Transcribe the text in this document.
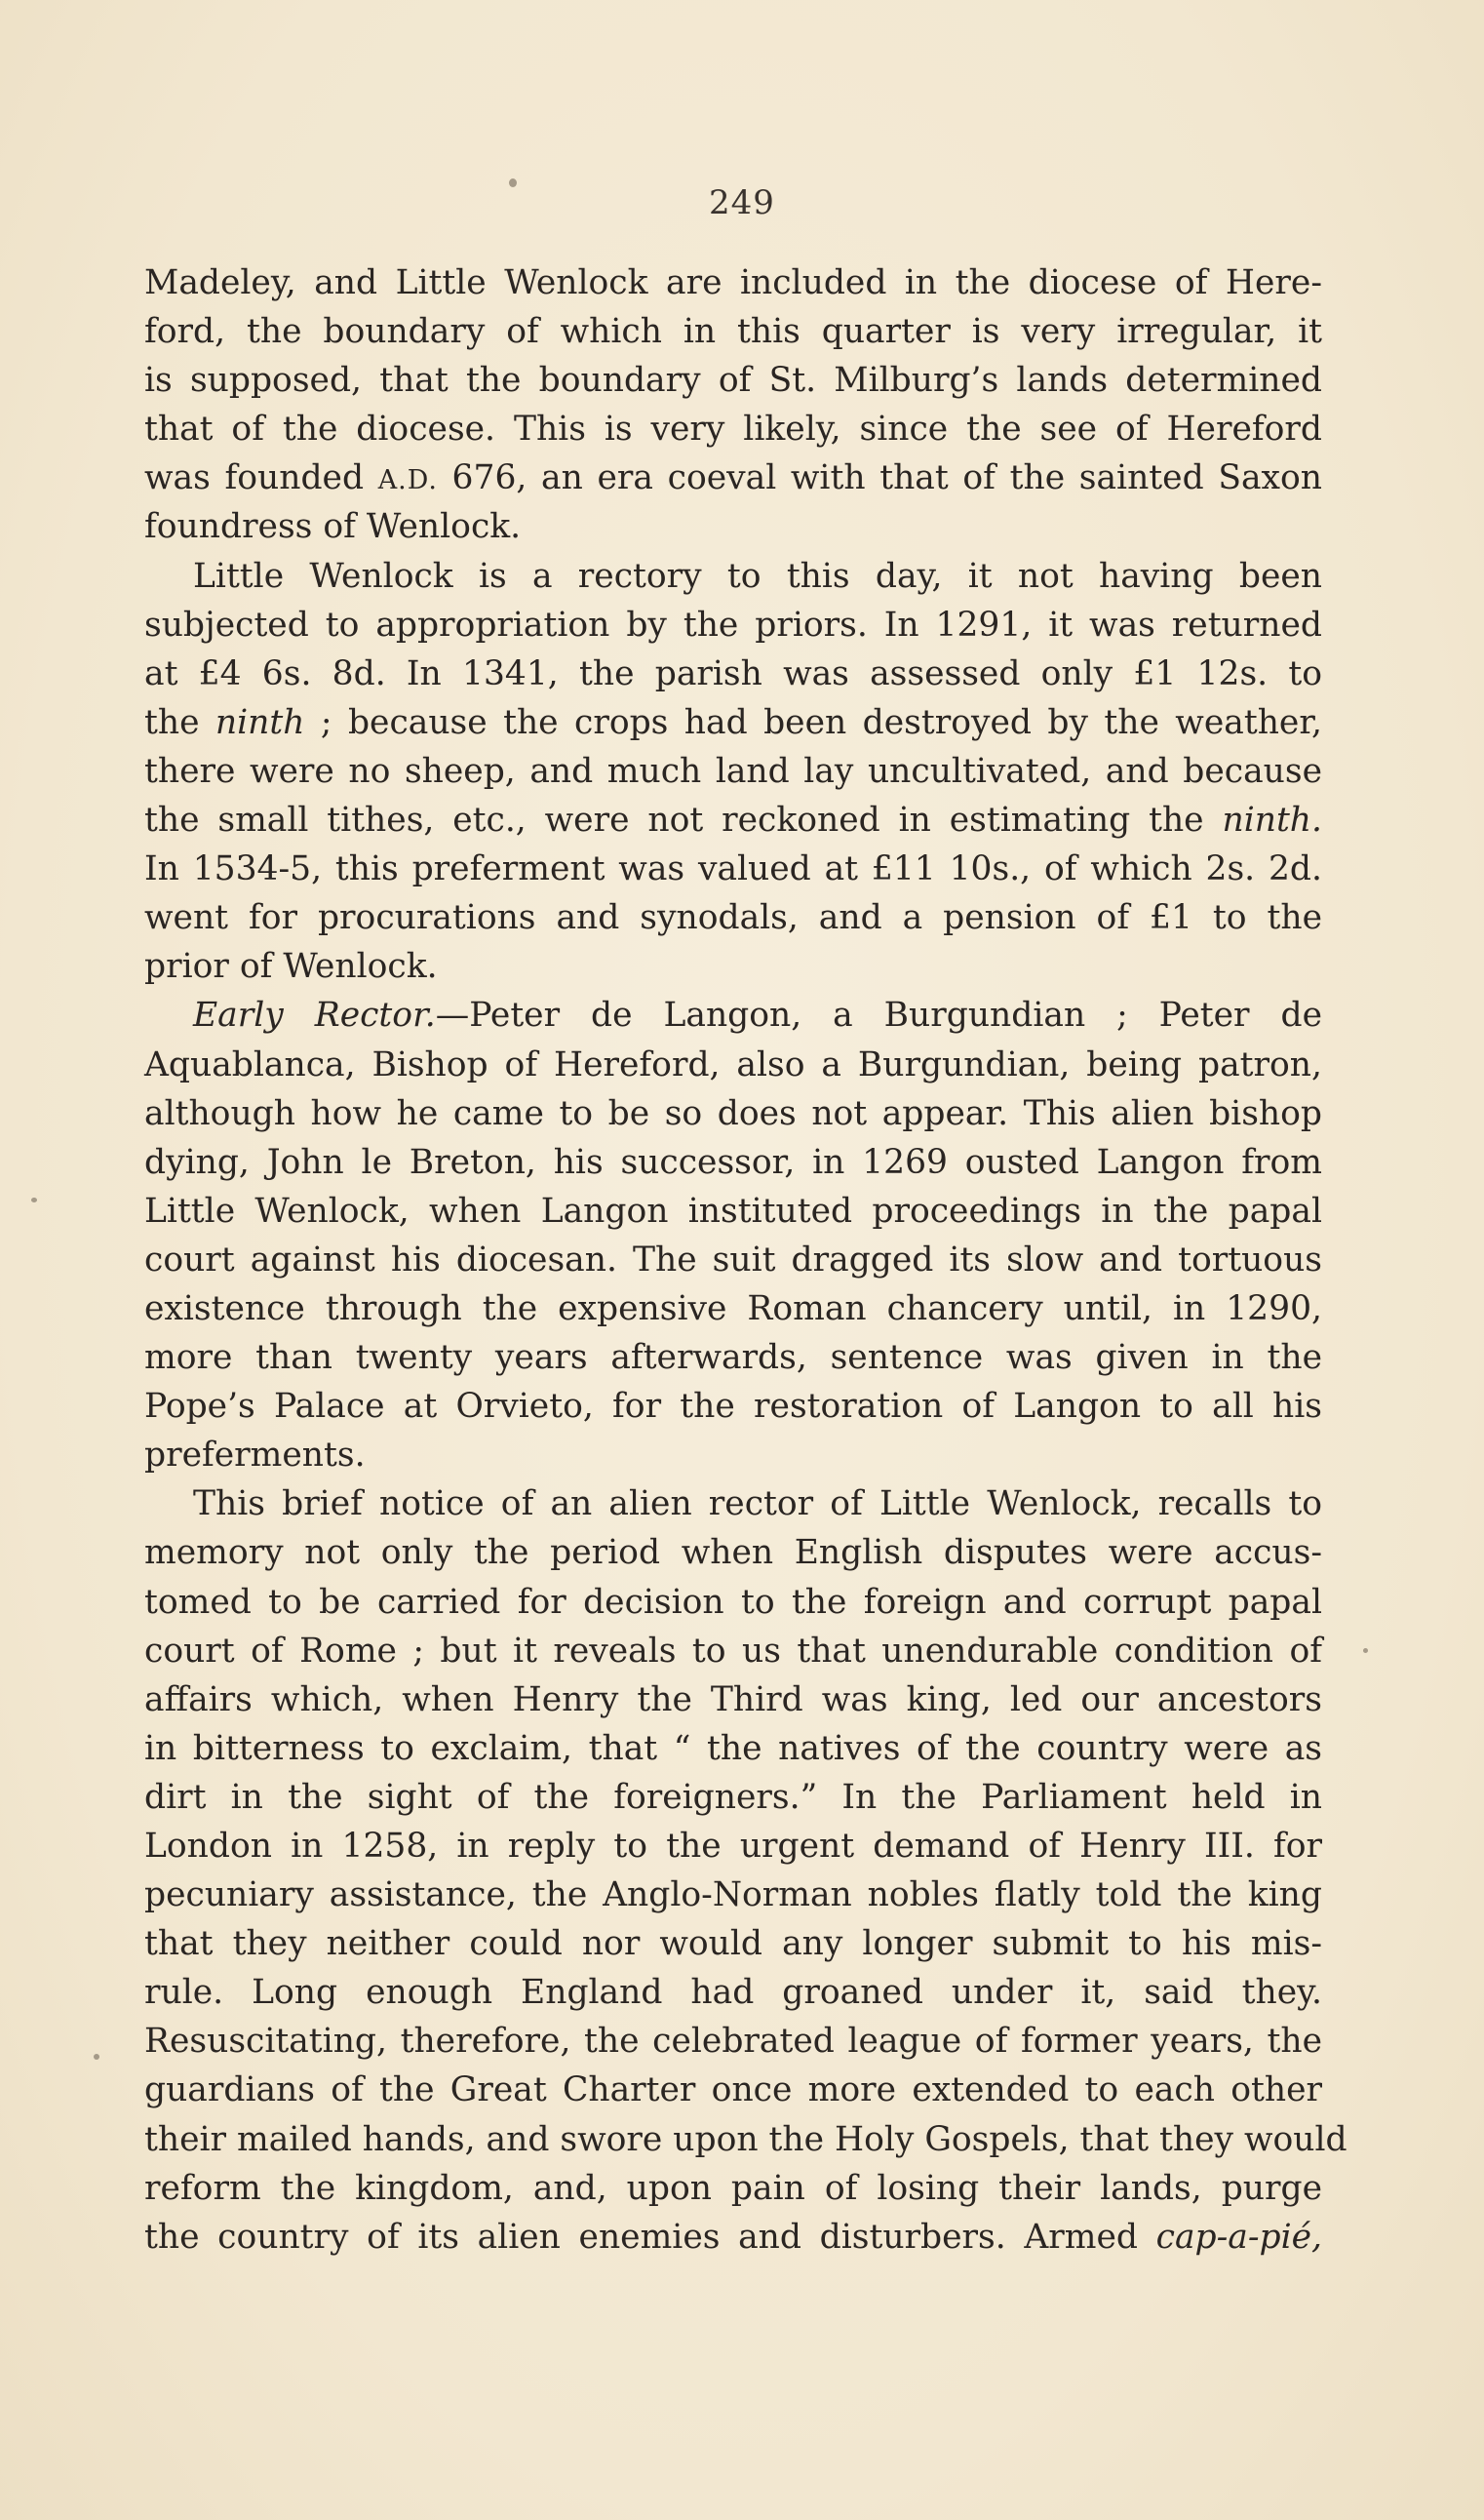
249
Madeley, and Little Wenlock are included in the diocese of Here-
ford, the boundary of which in this quarter is very irregular, it
is supposed, that the boundary of St. Milburg’s lands determined
that of the diocese. This is very likely, since the see of Hereford
was founded A.D. 676, an era coeval with that of the sainted Saxon
foundress of Wenlock.
Little Wenlock is a rectory to this day, it not having been
subjected to appropriation by the priors. In 1291, it was returned
at £4 6s. 8d. In 1341, the parish was assessed only £1 12s. to
the ninth ; because the crops had been destroyed by the weather,
there were no sheep, and much land lay uncultivated, and because
the small tithes, etc., were not reckoned in estimating the ninth.
In 1534-5, this preferment was valued at £11 10s., of which 2s. 2d.
went for procurations and synodals, and a pension of £1 to the
prior of Wenlock.
Early Rector.—Peter de Langon, a Burgundian ; Peter de
Aquablanca, Bishop of Hereford, also a Burgundian, being patron,
although how he came to be so does not appear. This alien bishop
dying, John le Breton, his successor, in 1269 ousted Langon from
Little Wenlock, when Langon instituted proceedings in the papal
court against his diocesan. The suit dragged its slow and tortuous
existence through the expensive Roman chancery until, in 1290,
more than twenty years afterwards, sentence was given in the
Pope’s Palace at Orvieto, for the restoration of Langon to all his
preferments.
This brief notice of an alien rector of Little Wenlock, recalls to
memory not only the period when English disputes were accus-
tomed to be carried for decision to the foreign and corrupt papal
court of Rome ; but it reveals to us that unendurable condition of
affairs which, when Henry the Third was king, led our ancestors
in bitterness to exclaim, that “ the natives of the country were as
dirt in the sight of the foreigners.” In the Parliament held in
London in 1258, in reply to the urgent demand of Henry III. for
pecuniary assistance, the Anglo-Norman nobles flatly told the king
that they neither could nor would any longer submit to his mis-
rule. Long enough England had groaned under it, said they.
Resuscitating, therefore, the celebrated league of former years, the
guardians of the Great Charter once more extended to each other
their mailed hands, and swore upon the Holy Gospels, that they would
reform the kingdom, and, upon pain of losing their lands, purge
the country of its alien enemies and disturbers. Armed cap-a-pié,
